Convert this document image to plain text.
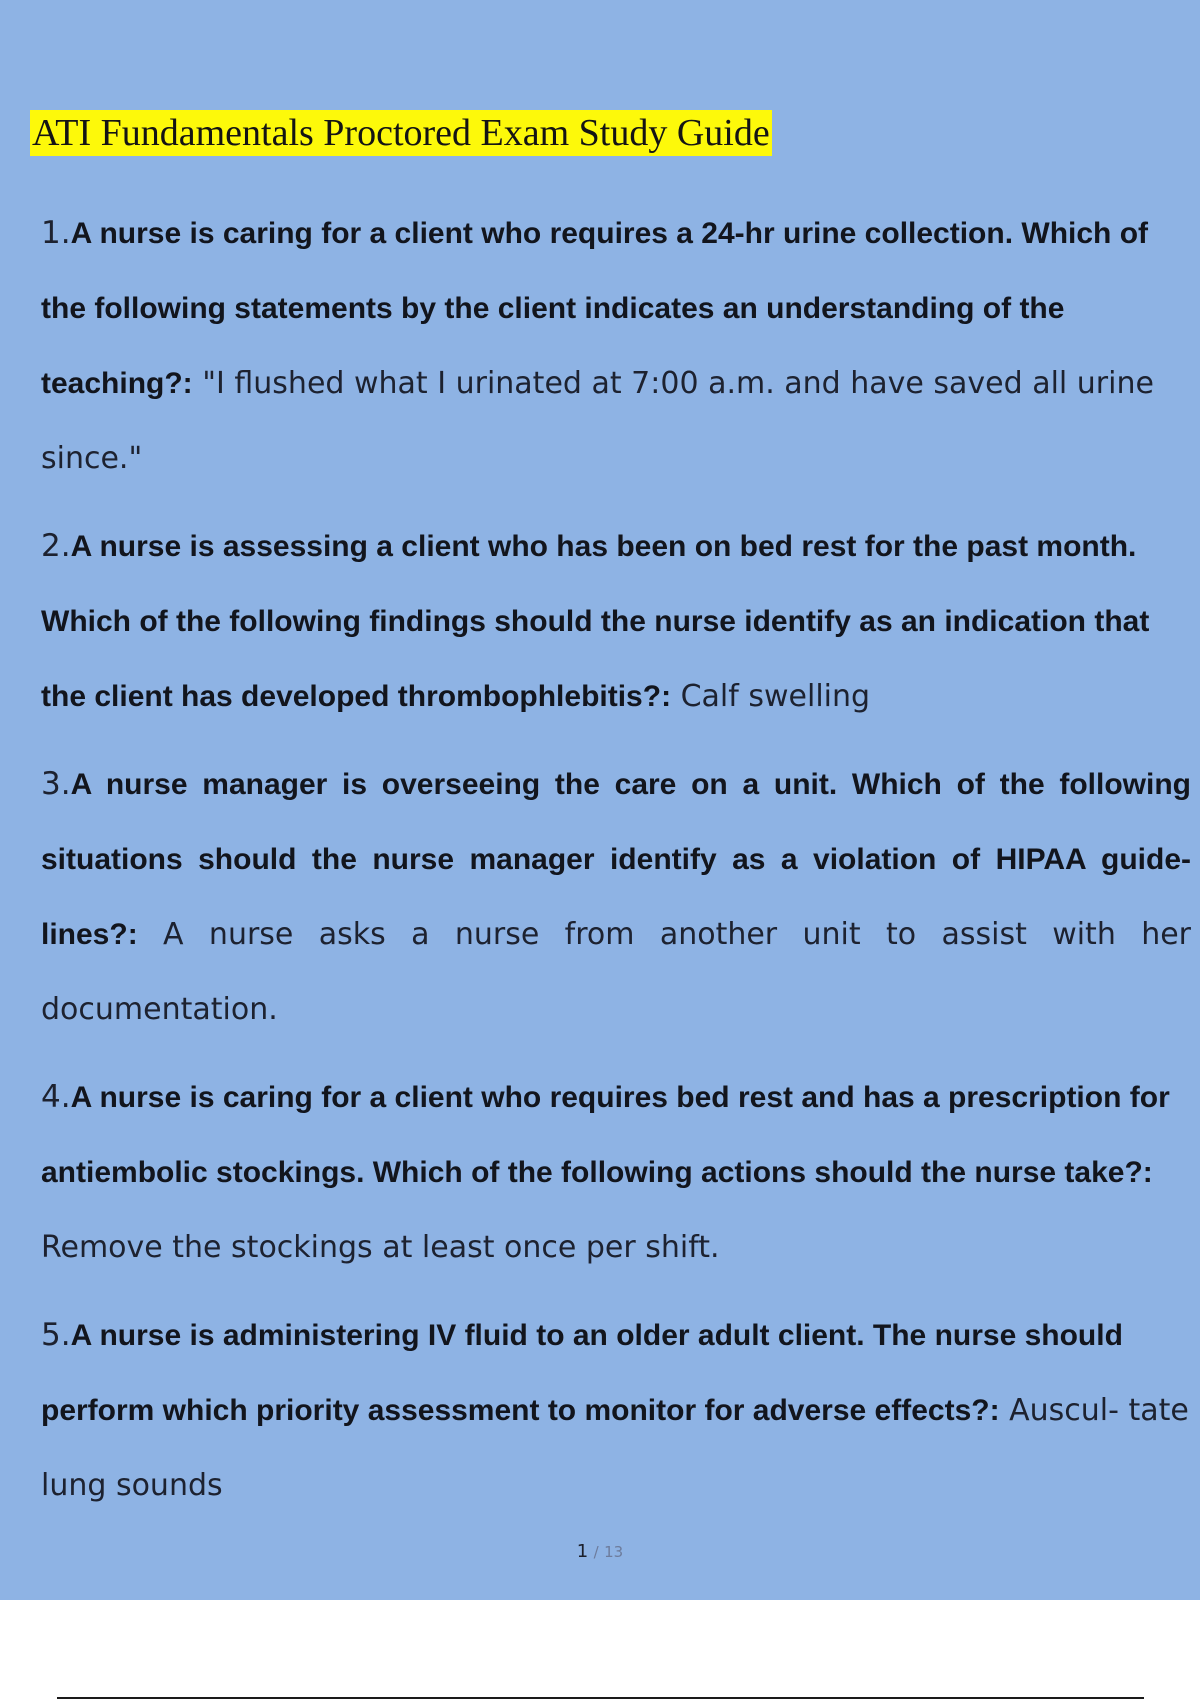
ATI Fundamentals Proctored Exam Study Guide
1.A nurse is caring for a client who requires a 24-hr urine collection. Which of the following statements by the client indicates an understanding of the teaching?: "I flushed what I urinated at 7:00 a.m. and have saved all urine since."
2.A nurse is assessing a client who has been on bed rest for the past month. Which of the following findings should the nurse identify as an indication that the client has developed thrombophlebitis?: Calf swelling
3.A nurse manager is overseeing the care on a unit. Which of the following situations should the nurse manager identify as a violation of HIPAA guide- lines?: A nurse asks a nurse from another unit to assist with her documentation.
4.A nurse is caring for a client who requires bed rest and has a prescription for antiembolic stockings. Which of the following actions should the nurse take?: Remove the stockings at least once per shift.
5.A nurse is administering IV fluid to an older adult client. The nurse should perform which priority assessment to monitor for adverse effects?: Auscul- tate lung sounds
1 / 13
